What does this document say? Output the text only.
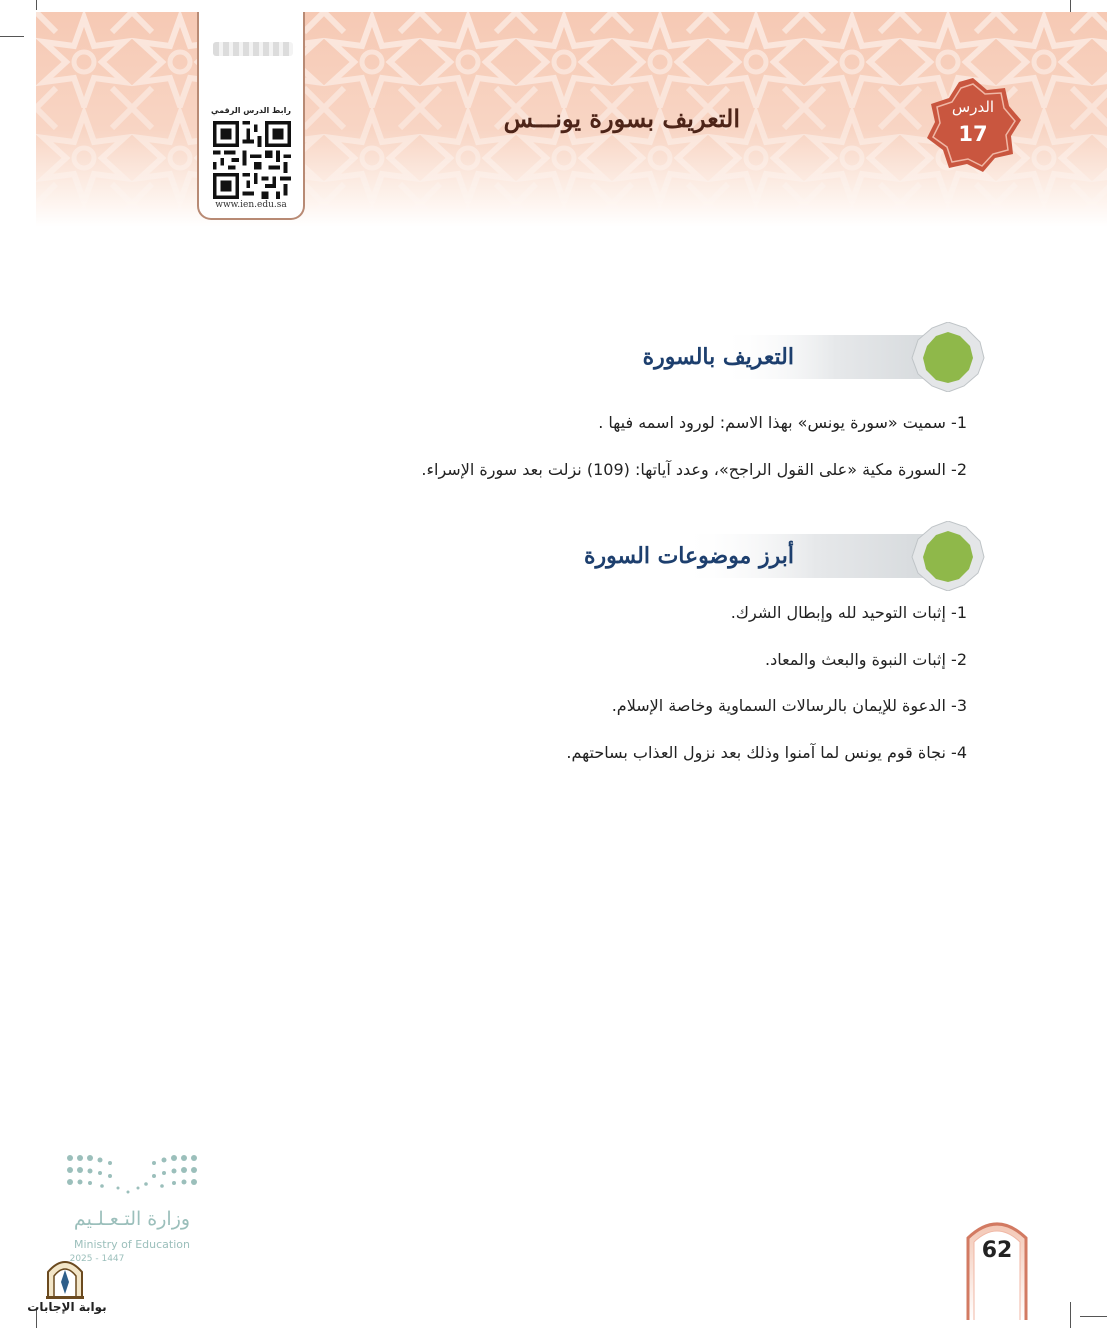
الدرس
17
التعريف بسورة يونـــس
رابط الدرس الرقمي
www.ien.edu.sa
التعريف بالسورة
1- سميت «سورة يونس» بهذا الاسم: لورود اسمه فيها .
2- السورة مكية «على القول الراجح»، وعدد آياتها: (109) نزلت بعد سورة الإسراء.
أبرز موضوعات السورة
1- إثبات التوحيد لله وإبطال الشرك.
2- إثبات النبوة والبعث والمعاد.
3- الدعوة للإيمان بالرسالات السماوية وخاصة الإسلام.
4- نجاة قوم يونس لما آمنوا وذلك بعد نزول العذاب بساحتهم.
وزارة التـعـلـيم
Ministry of Education
2025 - 1447
بوابة الإجابات
62
